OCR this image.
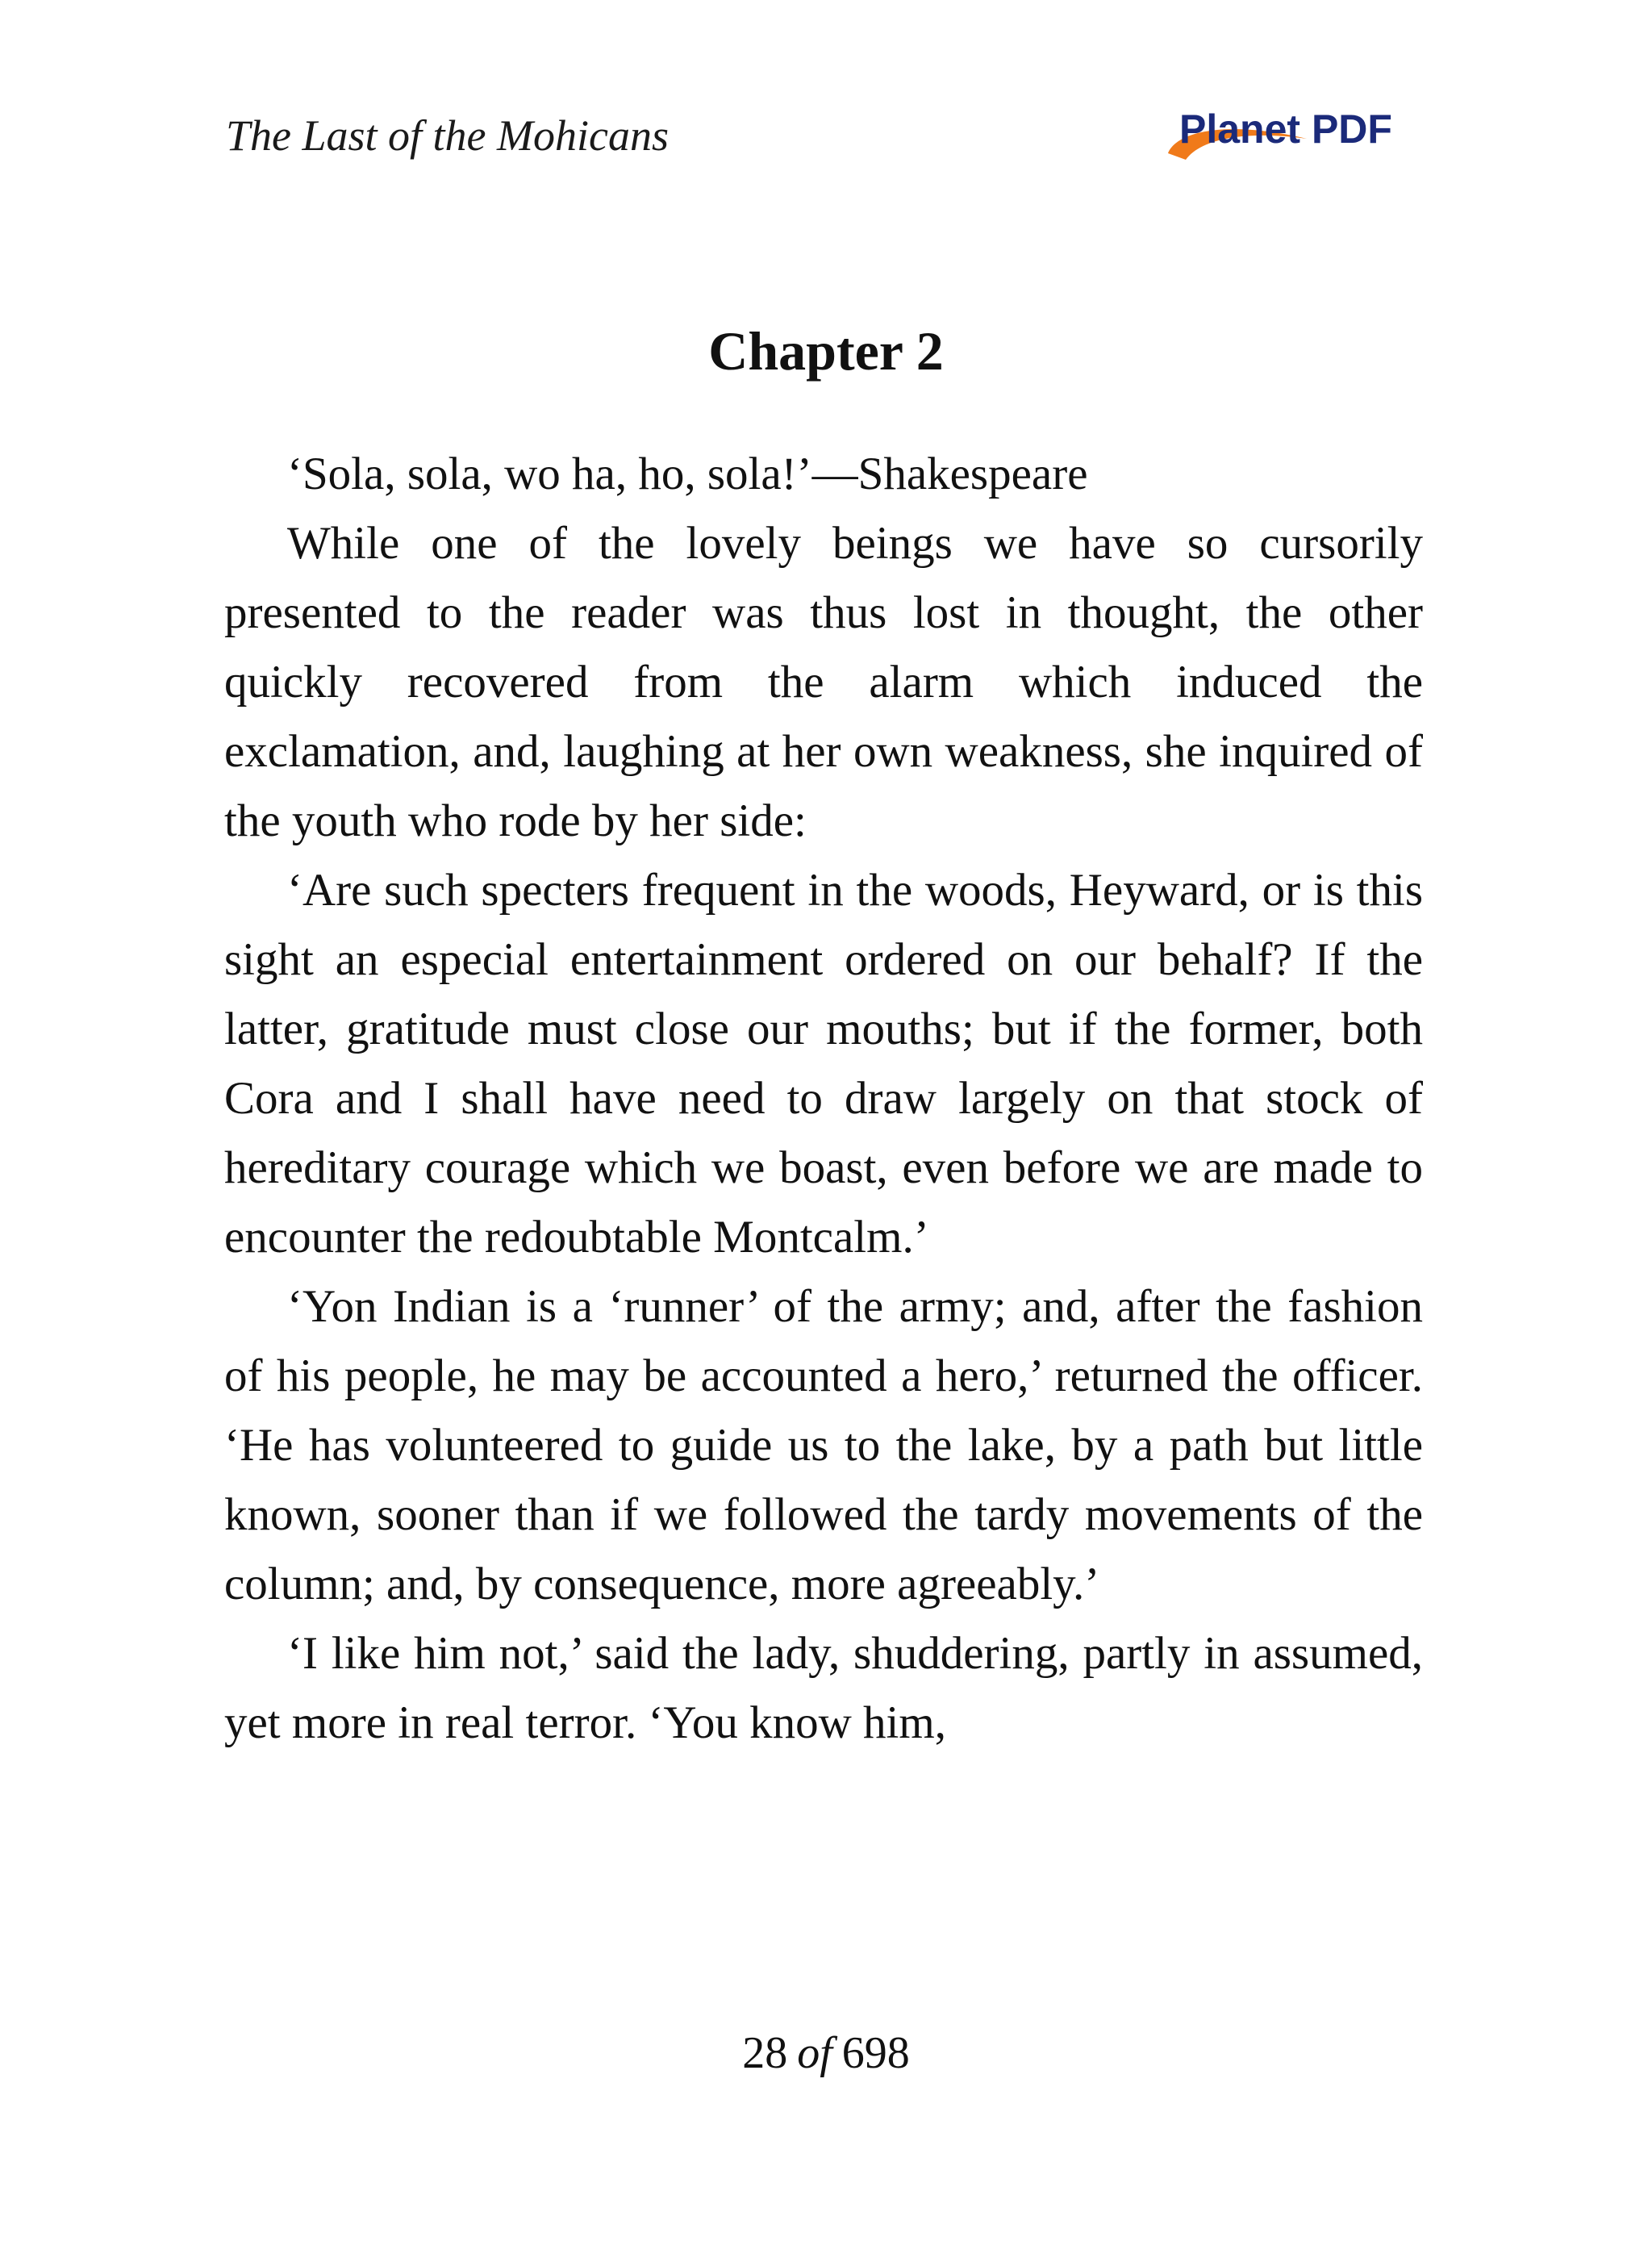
The Last of the Mohicans	Planet PDF
Chapter 2

‘Sola, sola, wo ha, ho, sola!’—Shakespeare

While one of the lovely beings we have so cursorily presented to the reader was thus lost in thought, the other quickly recovered from the alarm which induced the exclamation, and, laughing at her own weakness, she inquired of the youth who rode by her side:

‘Are such specters frequent in the woods, Heyward, or is this sight an especial entertainment ordered on our behalf? If the latter, gratitude must close our mouths; but if the former, both Cora and I shall have need to draw largely on that stock of hereditary courage which we boast, even before we are made to encounter the redoubtable Montcalm.’

‘Yon Indian is a ‘runner’ of the army; and, after the fashion of his people, he may be accounted a hero,’ returned the officer. ‘He has volunteered to guide us to the lake, by a path but little known, sooner than if we followed the tardy movements of the column; and, by consequence, more agreeably.’

‘I like him not,’ said the lady, shuddering, partly in assumed, yet more in real terror. ‘You know him,

28 of 698
